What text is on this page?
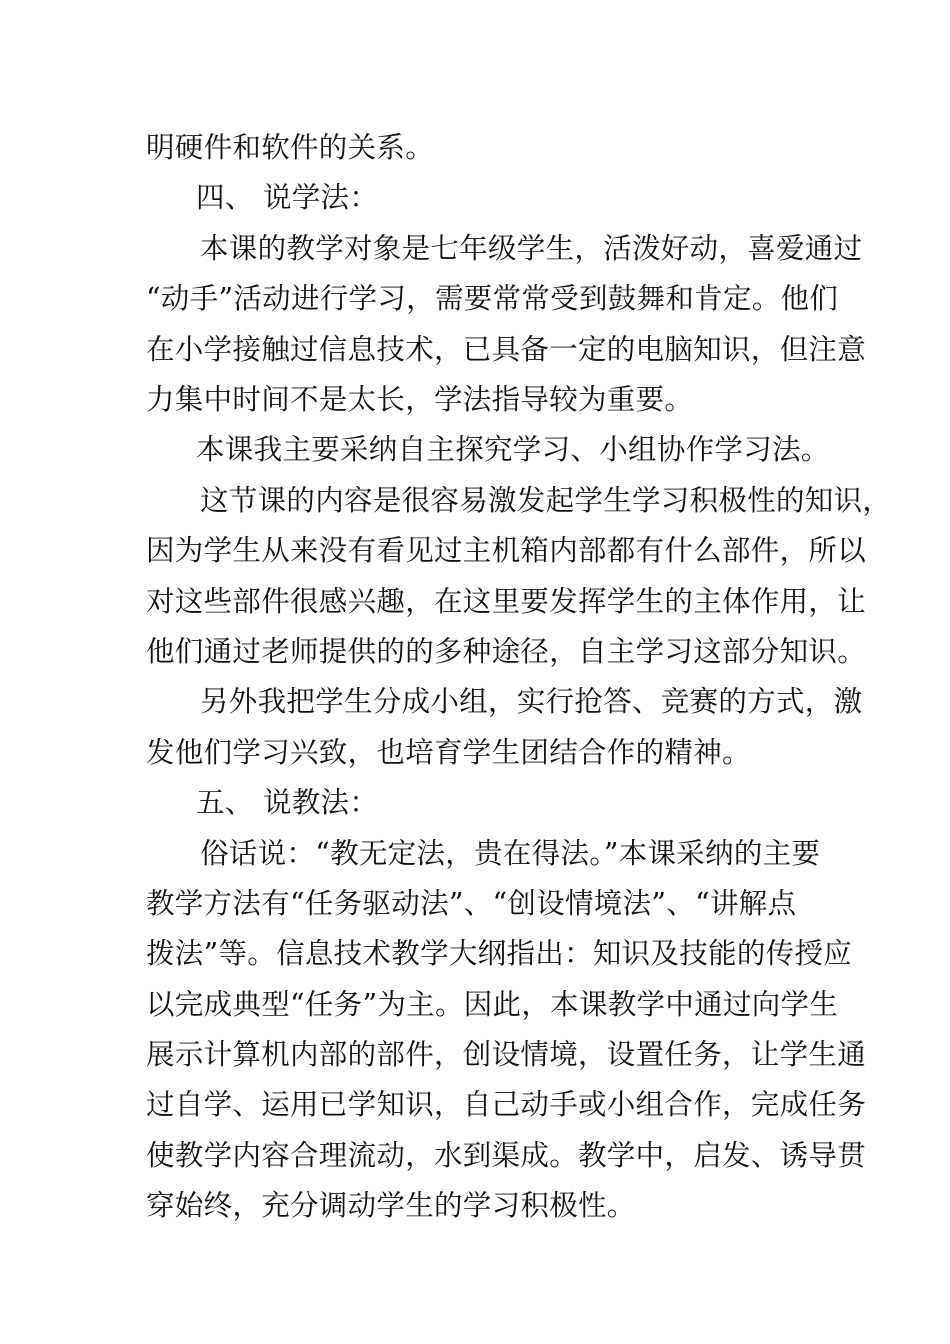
明硬件和软件的关系。
四、 说学法：
本课的教学对象是七年级学生，活泼好动，喜爱通过
“动手”活动进行学习，需要常常受到鼓舞和肯定。他们
在小学接触过信息技术，已具备一定的电脑知识，但注意
力集中时间不是太长，学法指导较为重要。
本课我主要采纳自主探究学习、小组协作学习法。
这节课的内容是很容易激发起学生学习积极性的知识，
因为学生从来没有看见过主机箱内部都有什么部件，所以
对这些部件很感兴趣，在这里要发挥学生的主体作用，让
他们通过老师提供的的多种途径，自主学习这部分知识。
另外我把学生分成小组，实行抢答、竞赛的方式，激
发他们学习兴致，也培育学生团结合作的精神。
五、 说教法：
俗话说：“教无定法，贵在得法。”本课采纳的主要
教学方法有“任务驱动法”、“创设情境法”、“讲解点
拨法”等。信息技术教学大纲指出：知识及技能的传授应
以完成典型“任务”为主。因此，本课教学中通过向学生
展示计算机内部的部件，创设情境，设置任务，让学生通
过自学、运用已学知识，自己动手或小组合作，完成任务
使教学内容合理流动，水到渠成。教学中，启发、诱导贯
穿始终，充分调动学生的学习积极性。
